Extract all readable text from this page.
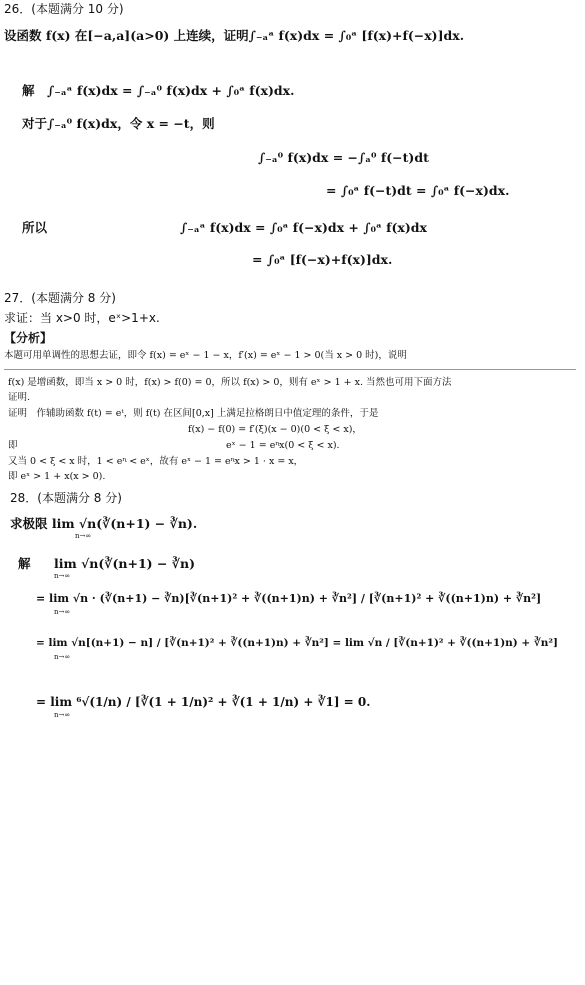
26．(本题满分 10 分)
设函数 f(x) 在[−a,a](a>0) 上连续，证明∫₋ₐᵃ f(x)dx = ∫₀ᵃ [f(x)+f(−x)]dx.
解　∫₋ₐᵃ f(x)dx = ∫₋ₐ⁰ f(x)dx + ∫₀ᵃ f(x)dx.
对于∫₋ₐ⁰ f(x)dx，令 x = −t，则
∫₋ₐ⁰ f(x)dx = −∫ₐ⁰ f(−t)dt
= ∫₀ᵃ f(−t)dt = ∫₀ᵃ f(−x)dx.
所以	∫₋ₐᵃ f(x)dx = ∫₀ᵃ f(−x)dx + ∫₀ᵃ f(x)dx
= ∫₀ᵃ [f(−x)+f(x)]dx.
27．(本题满分 8 分)
求证：当 x>0 时，eˣ>1+x.
【分析】
本题可用单调性的思想去证，即令 f(x) = eˣ − 1 − x，f′(x) = eˣ − 1 > 0(当 x > 0 时)，说明
f(x) 是增函数，即当 x > 0 时，f(x) > f(0) = 0，所以 f(x) > 0，则有 eˣ > 1 + x. 当然也可用下面方法
证明.
证明　作辅助函数 f(t) = eᵗ，则 f(t) 在区间[0,x] 上满足拉格朗日中值定理的条件，于是
f(x) − f(0) = f′(ξ)(x − 0)(0 < ξ < x)，
即	eˣ − 1 = eᶯx(0 < ξ < x).
又当 0 < ξ < x 时，1 < eᶯ < eˣ，故有 eˣ − 1 = eᶯx > 1 · x = x，
即 eˣ > 1 + x(x > 0).
28．(本题满分 8 分)
求极限 lim √n(∛(n+1) − ∛n).
n→∞
解 lim √n(∛(n+1) − ∛n)
n→∞
= lim √n · (∛(n+1) − ∛n)[∛(n+1)² + ∛((n+1)n) + ∛n²] / [∛(n+1)² + ∛((n+1)n) + ∛n²]
n→∞
= lim √n[(n+1) − n] / [∛(n+1)² + ∛((n+1)n) + ∛n²] = lim √n / [∛(n+1)² + ∛((n+1)n) + ∛n²]
n→∞
= lim ⁶√(1/n) / [∛(1 + 1/n)² + ∛(1 + 1/n) + ∛1] = 0.
n→∞
